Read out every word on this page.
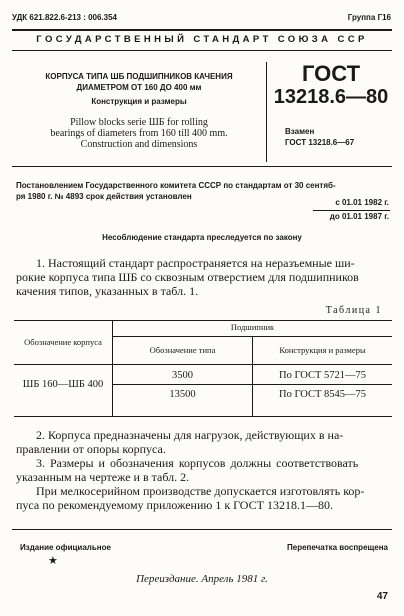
УДК 621.822.6-213 : 006.354	Группа Г16
ГОСУДАРСТВЕННЫЙ СТАНДАРТ СОЮЗА ССР
КОРПУСА ТИПА ШБ ПОДШИПНИКОВ КАЧЕНИЯ
ДИАМЕТРОМ ОТ 160 ДО 400 мм
Конструкция и размеры
Pillow blocks serie ШБ for rolling
bearings of diameters from 160 till 400 mm.
Construction and dimensions
ГОСТ
13218.6—80
Взамен
ГОСТ 13218.6—67
Постановлением Государственного комитета СССР по стандартам от 30 сентяб-
ря 1980 г. № 4893 срок действия установлен
с 01.01 1982 г.
до 01.01 1987 г.
Несоблюдение стандарта преследуется по закону
1. Настоящий стандарт распространяется на неразъемные ши-
рокие корпуса типа ШБ со сквозным отверстием для подшипников
качения типов, указанных в табл. 1.
Таблица 1
Обозначение корпуса
Подшипник
Обозначение типа	Конструкция и размеры
ШБ 160—ШБ 400
3500	По ГОСТ 5721—75
13500	По ГОСТ 8545—75
2. Корпуса предназначены для нагрузок, действующих в на-
правлении от опоры корпуса.
3. Размеры и обозначения корпусов должны соответствовать
указанным на чертеже и в табл. 2.
При мелкосерийном производстве допускается изготовлять кор-
пуса по рекомендуемому приложению 1 к ГОСТ 13218.1—80.
Издание официальное
★
Перепечатка воспрещена
Переиздание. Апрель 1981 г.
47
